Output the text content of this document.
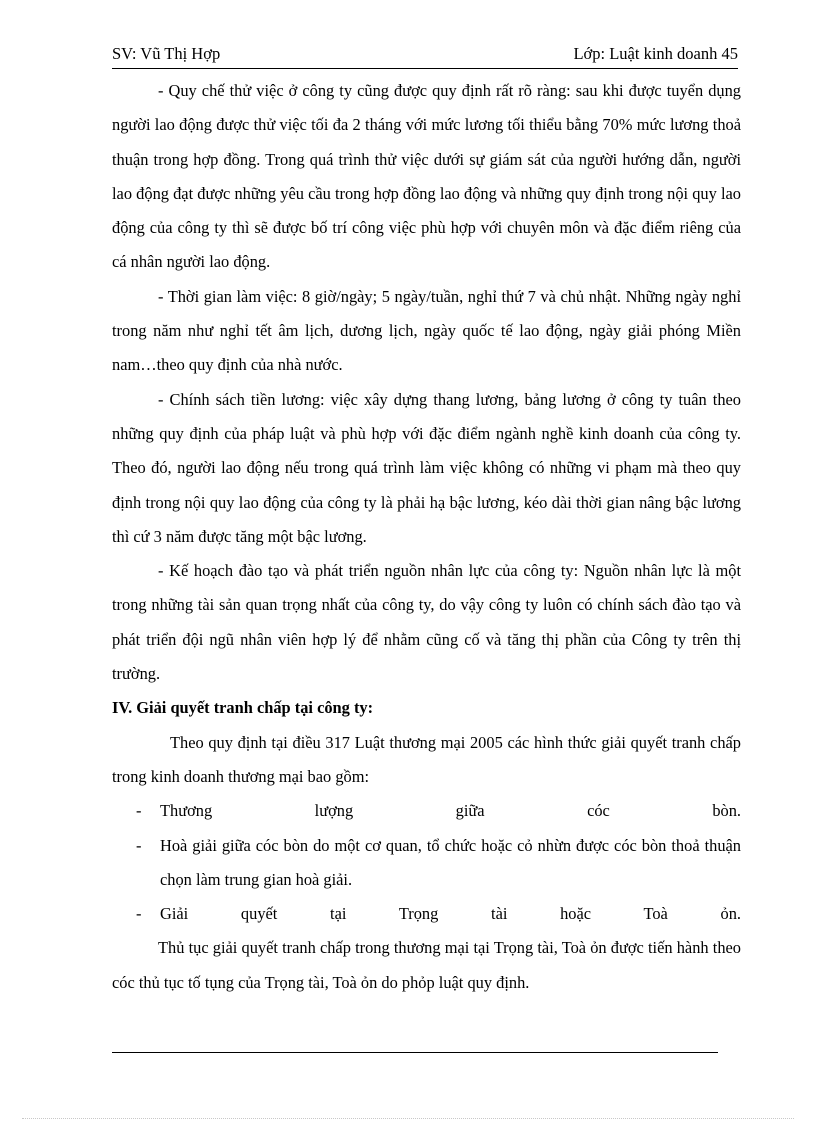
SV: Vũ Thị Hợp	Lớp: Luật kinh doanh 45

- Quy chế thử việc ở công ty cũng được quy định rất rõ ràng: sau khi được tuyển dụng người lao động được thử việc tối đa 2 tháng với mức lương tối thiểu bằng 70% mức lương thoả thuận trong hợp đồng. Trong quá trình thử việc dưới sự giám sát của người hướng dẫn, người lao động đạt được những yêu cầu trong hợp đồng lao động và những quy định trong nội quy lao động của công ty thì sẽ được bố trí công việc phù hợp với chuyên môn và đặc điểm riêng của cá nhân người lao động.

- Thời gian làm việc: 8 giờ/ngày; 5 ngày/tuần, nghỉ thứ 7 và chủ nhật. Những ngày nghỉ trong năm như nghỉ tết âm lịch, dương lịch, ngày quốc tế lao động, ngày giải phóng Miền nam…theo quy định của nhà nước.

- Chính sách tiền lương: việc xây dựng thang lương, bảng lương ở công ty tuân theo những quy định của pháp luật và phù hợp với đặc điểm ngành nghề kinh doanh của công ty. Theo đó, người lao động nếu trong quá trình làm việc không có những vi phạm mà theo quy định trong nội quy lao động của công ty là phải hạ bậc lương, kéo dài thời gian nâng bậc lương thì cứ 3 năm được tăng một bậc lương.

- Kế hoạch đào tạo và phát triển nguồn nhân lực của công ty: Nguồn nhân lực là một trong những tài sản quan trọng nhất của công ty, do vậy công ty luôn có chính sách đào tạo và phát triển đội ngũ nhân viên hợp lý để nhằm cũng cố và tăng thị phần của Công ty trên thị trường.

IV. Giải quyết tranh chấp tại công ty:

Theo quy định tại điều 317 Luật thương mại 2005 các hình thức giải quyết tranh chấp trong kinh doanh thương mại bao gồm:

- Thương lượng giữa cóc bòn.

- Hoà giải giữa cóc bòn do một cơ quan, tổ chức hoặc cỏ nhừn được cóc bòn thoả thuận chọn làm trung gian hoà giải.

- Giải quyết tại Trọng tài hoặc Toà ỏn.

Thủ tục giải quyết tranh chấp trong thương mại tại Trọng tài, Toà ỏn được tiến hành theo cóc thủ tục tố tụng của Trọng tài, Toà ỏn do phỏp luật quy định.
